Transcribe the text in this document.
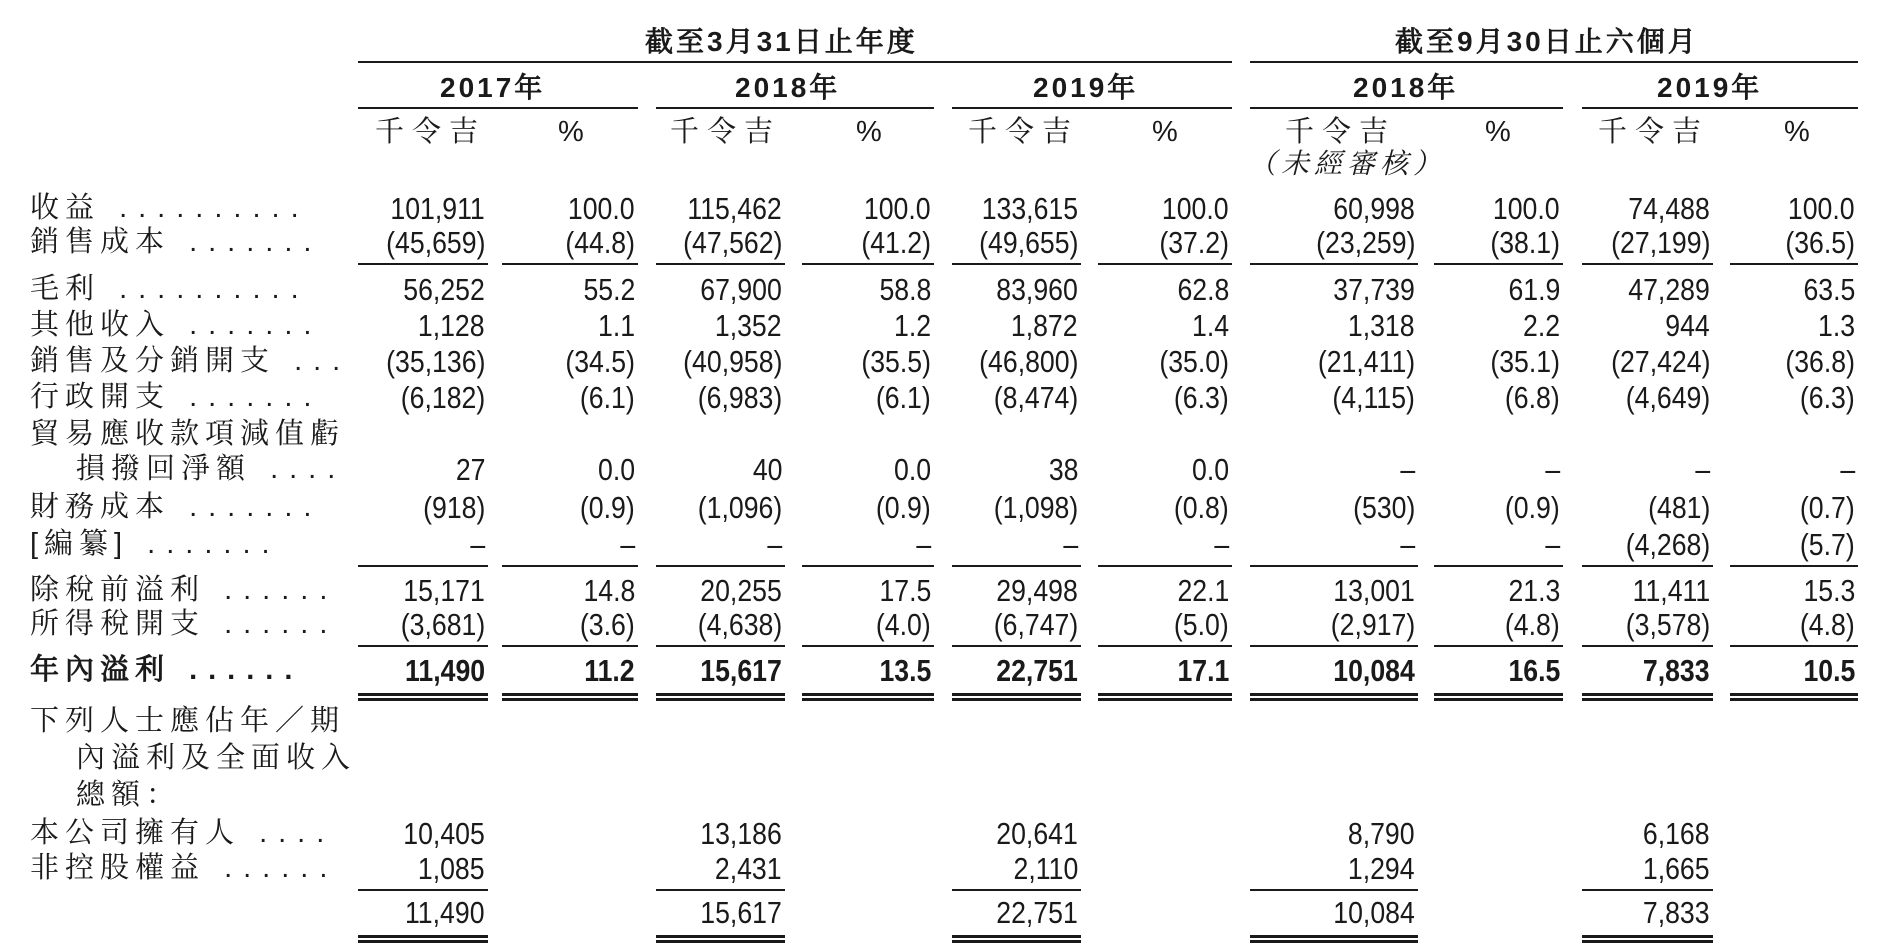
截至3月31日止年度	截至9月30日止六個月
2017年	2018年	2019年	2018年	2019年
千令吉 %	千令吉	%	千令吉	%	千令吉	%	千令吉	%
（未經審核）
收益 ..........	101,911	100.0 115,462	100.0 133,615	100.0	60,998	100.0 74,488	100.0
銷售成本 ....... (45,659)	(44.8) (47,562)	(41.2) (49,655)	(37.2)	(23,259) (38.1) (27,199) (36.5)
毛利 ..........	56,252	55.2 67,900	58.8 83,960	62.8	37,739	61.9 47,289	63.5
其他收入 .......	1,128	1.1	1,352	1.2	1,872	1.4	1,318	2.2	944	1.3
銷售及分銷開支 ... (35,136)	(34.5) (40,958)	(35.5) (46,800)	(35.0)	(21,411) (35.1) (27,424) (36.8)
行政開支 .......	(6,182)	(6.1) (6,983)	(6.1) (8,474)	(6.3)	(4,115)	(6.8) (4,649)	(6.3)
貿易應收款項減值虧
損撥回淨額 ....	27	0.0	40	0.0	38	0.0	–	–	–	–
財務成本 .......	(918)	(0.9) (1,096)	(0.9) (1,098)	(0.8)	(530)	(0.9)	(481)	(0.7)
[編纂] .......	–	–	–	–	–	–	–	– (4,268)	(5.7)
除稅前溢利 ...... 15,171	14.8 20,255	17.5 29,498	22.1	13,001	21.3 11,411	15.3
所得稅開支 ...... (3,681)	(3.6) (4,638)	(4.0) (6,747)	(5.0)	(2,917)	(4.8) (3,578)	(4.8)
年內溢利 ......	11,490	11.2 15,617	13.5 22,751	17.1	10,084	16.5	7,833	10.5
下列人士應佔年／期
內溢利及全面收入
總額：
本公司擁有人 .... 10,405	13,186	20,641	8,790	6,168
非控股權益 ......	1,085	2,431	2,110	1,294	1,665
11,490	15,617	22,751	10,084	7,833
